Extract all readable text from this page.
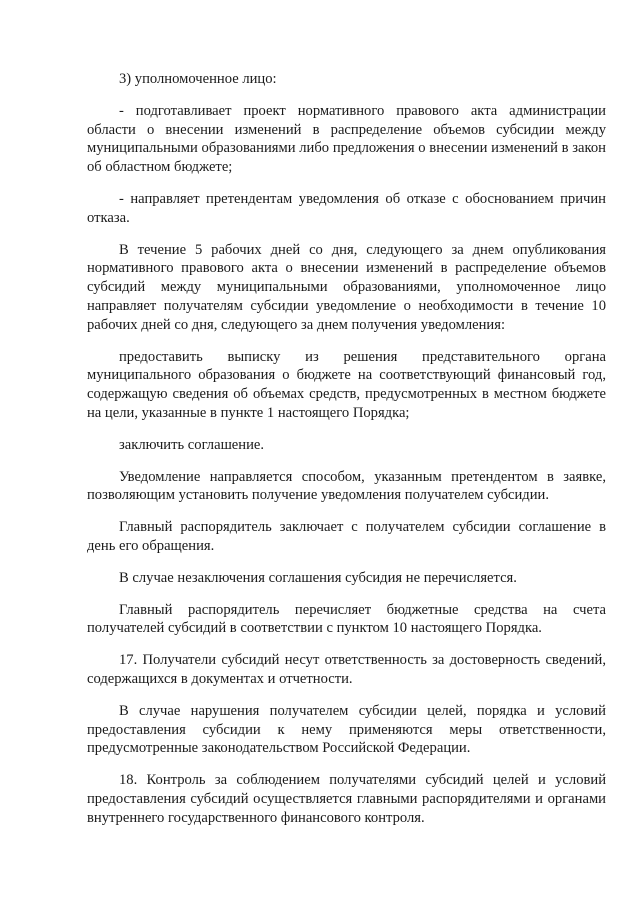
3) уполномоченное лицо:

- подготавливает проект нормативного правового акта администрации области о внесении изменений в распределение объемов субсидии между муниципальными образованиями либо предложения о внесении изменений в закон об областном бюджете;

- направляет претендентам уведомления об отказе с обоснованием причин отказа.

В течение 5 рабочих дней со дня, следующего за днем опубликования нормативного правового акта о внесении изменений в распределение объемов субсидий между муниципальными образованиями, уполномоченное лицо направляет получателям субсидии уведомление о необходимости в течение 10 рабочих дней со дня, следующего за днем получения уведомления:

предоставить выписку из решения представительного органа муниципального образования о бюджете на соответствующий финансовый год, содержащую сведения об объемах средств, предусмотренных в местном бюджете на цели, указанные в пункте 1 настоящего Порядка;

заключить соглашение.

Уведомление направляется способом, указанным претендентом в заявке, позволяющим установить получение уведомления получателем субсидии.

Главный распорядитель заключает с получателем субсидии соглашение в день его обращения.

В случае незаключения соглашения субсидия не перечисляется.

Главный распорядитель перечисляет бюджетные средства на счета получателей субсидий в соответствии с пунктом 10 настоящего Порядка.

17. Получатели субсидий несут ответственность за достоверность сведений, содержащихся в документах и отчетности.

В случае нарушения получателем субсидии целей, порядка и условий предоставления субсидии к нему применяются меры ответственности, предусмотренные законодательством Российской Федерации.

18. Контроль за соблюдением получателями субсидий целей и условий предоставления субсидий осуществляется главными распорядителями и органами внутреннего государственного финансового контроля.
